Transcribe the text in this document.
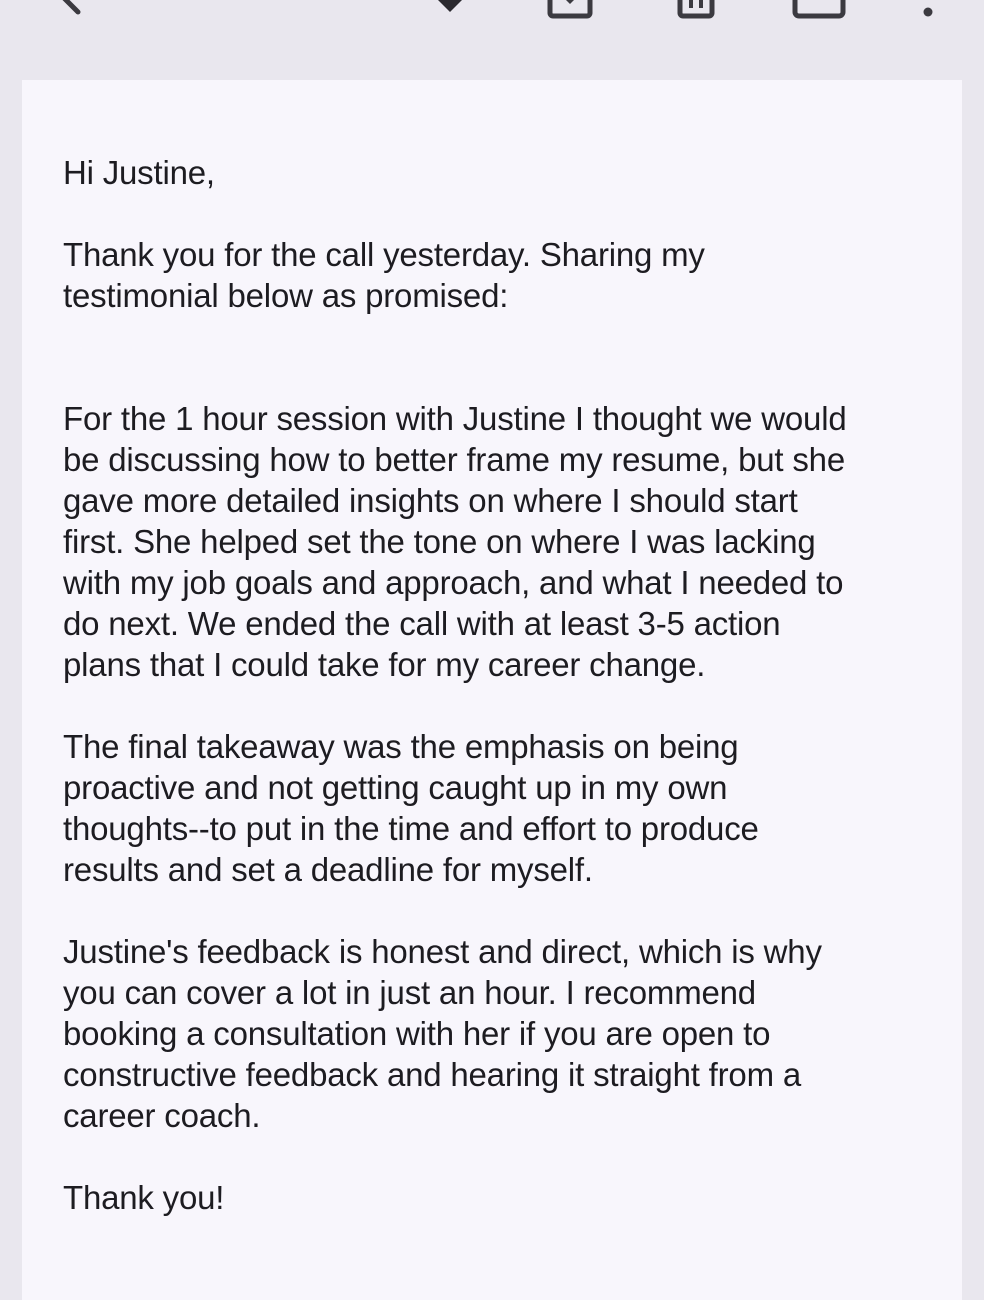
Hi Justine,

Thank you for the call yesterday. Sharing my

testimonial below as promised:

For the 1 hour session with Justine I thought we would

be discussing how to better frame my resume, but she

gave more detailed insights on where I should start

first. She helped set the tone on where I was lacking

with my job goals and approach, and what I needed to

do next. We ended the call with at least 3-5 action

plans that I could take for my career change.

The final takeaway was the emphasis on being

proactive and not getting caught up in my own

thoughts--to put in the time and effort to produce

results and set a deadline for myself.

Justine's feedback is honest and direct, which is why

you can cover a lot in just an hour. I recommend

booking a consultation with her if you are open to

constructive feedback and hearing it straight from a

career coach.

Thank you!
